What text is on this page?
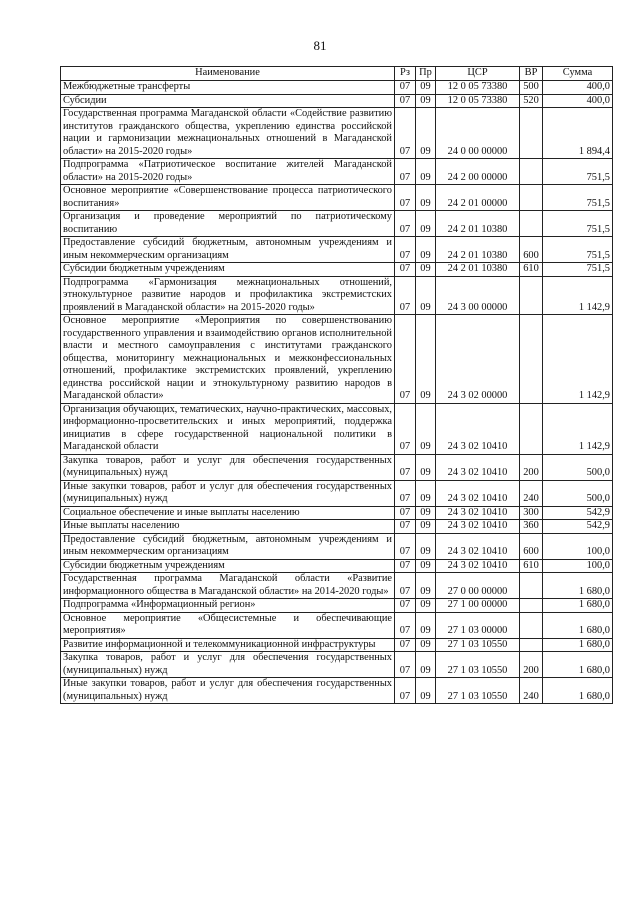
81
Наименование	Рз	Пр	ЦСР	ВР	Сумма
Межбюджетные трансферты	07	09	12 0 05 73380	500	400,0
Субсидии	07	09	12 0 05 73380	520	400,0
Государственная программа Магаданской области «Содействие развитию институтов гражданского общества, укреплению единства российской нации и гармонизации межнациональных отношений в Магаданской области» на 2015-2020 годы»	07	09	24 0 00 00000		1 894,4
Подпрограмма «Патриотическое воспитание жителей Магаданской области» на 2015-2020 годы»	07	09	24 2 00 00000		751,5
Основное мероприятие «Совершенствование процесса патриотического воспитания»	07	09	24 2 01 00000		751,5
Организация и проведение мероприятий по патриотическому воспитанию	07	09	24 2 01 10380		751,5
Предоставление субсидий бюджетным, автономным учреждениям и иным некоммерческим организациям	07	09	24 2 01 10380	600	751,5
Субсидии бюджетным учреждениям	07	09	24 2 01 10380	610	751,5
Подпрограмма «Гармонизация межнациональных отношений, этнокультурное развитие народов и профилактика экстремистских проявлений в Магаданской области» на 2015-2020 годы»	07	09	24 3 00 00000		1 142,9
Основное мероприятие «Мероприятия по совершенствованию государственного управления и взаимодействию органов исполнительной власти и местного самоуправления с институтами гражданского общества, мониторингу межнациональных и межконфессиональных отношений, профилактике экстремистских проявлений, укреплению единства российской нации и этнокультурному развитию народов в Магаданской области»	07	09	24 3 02 00000		1 142,9
Организация обучающих, тематических, научно-практических, массовых, информационно-просветительских и иных мероприятий, поддержка инициатив в сфере государственной национальной политики в Магаданской области	07	09	24 3 02 10410		1 142,9
Закупка товаров, работ и услуг для обеспечения государственных (муниципальных) нужд	07	09	24 3 02 10410	200	500,0
Иные закупки товаров, работ и услуг для обеспечения государственных (муниципальных) нужд	07	09	24 3 02 10410	240	500,0
Социальное обеспечение и иные выплаты населению	07	09	24 3 02 10410	300	542,9
Иные выплаты населению	07	09	24 3 02 10410	360	542,9
Предоставление субсидий бюджетным, автономным учреждениям и иным некоммерческим организациям	07	09	24 3 02 10410	600	100,0
Субсидии бюджетным учреждениям	07	09	24 3 02 10410	610	100,0
Государственная программа Магаданской области «Развитие информационного общества в Магаданской области» на 2014-2020 годы»	07	09	27 0 00 00000		1 680,0
Подпрограмма «Информационный регион»	07	09	27 1 00 00000		1 680,0
Основное мероприятие «Общесистемные и обеспечивающие мероприятия»	07	09	27 1 03 00000		1 680,0
Развитие информационной и телекоммуникационной инфраструктуры	07	09	27 1 03 10550		1 680,0
Закупка товаров, работ и услуг для обеспечения государственных (муниципальных) нужд	07	09	27 1 03 10550	200	1 680,0
Иные закупки товаров, работ и услуг для обеспечения государственных (муниципальных) нужд	07	09	27 1 03 10550	240	1 680,0
